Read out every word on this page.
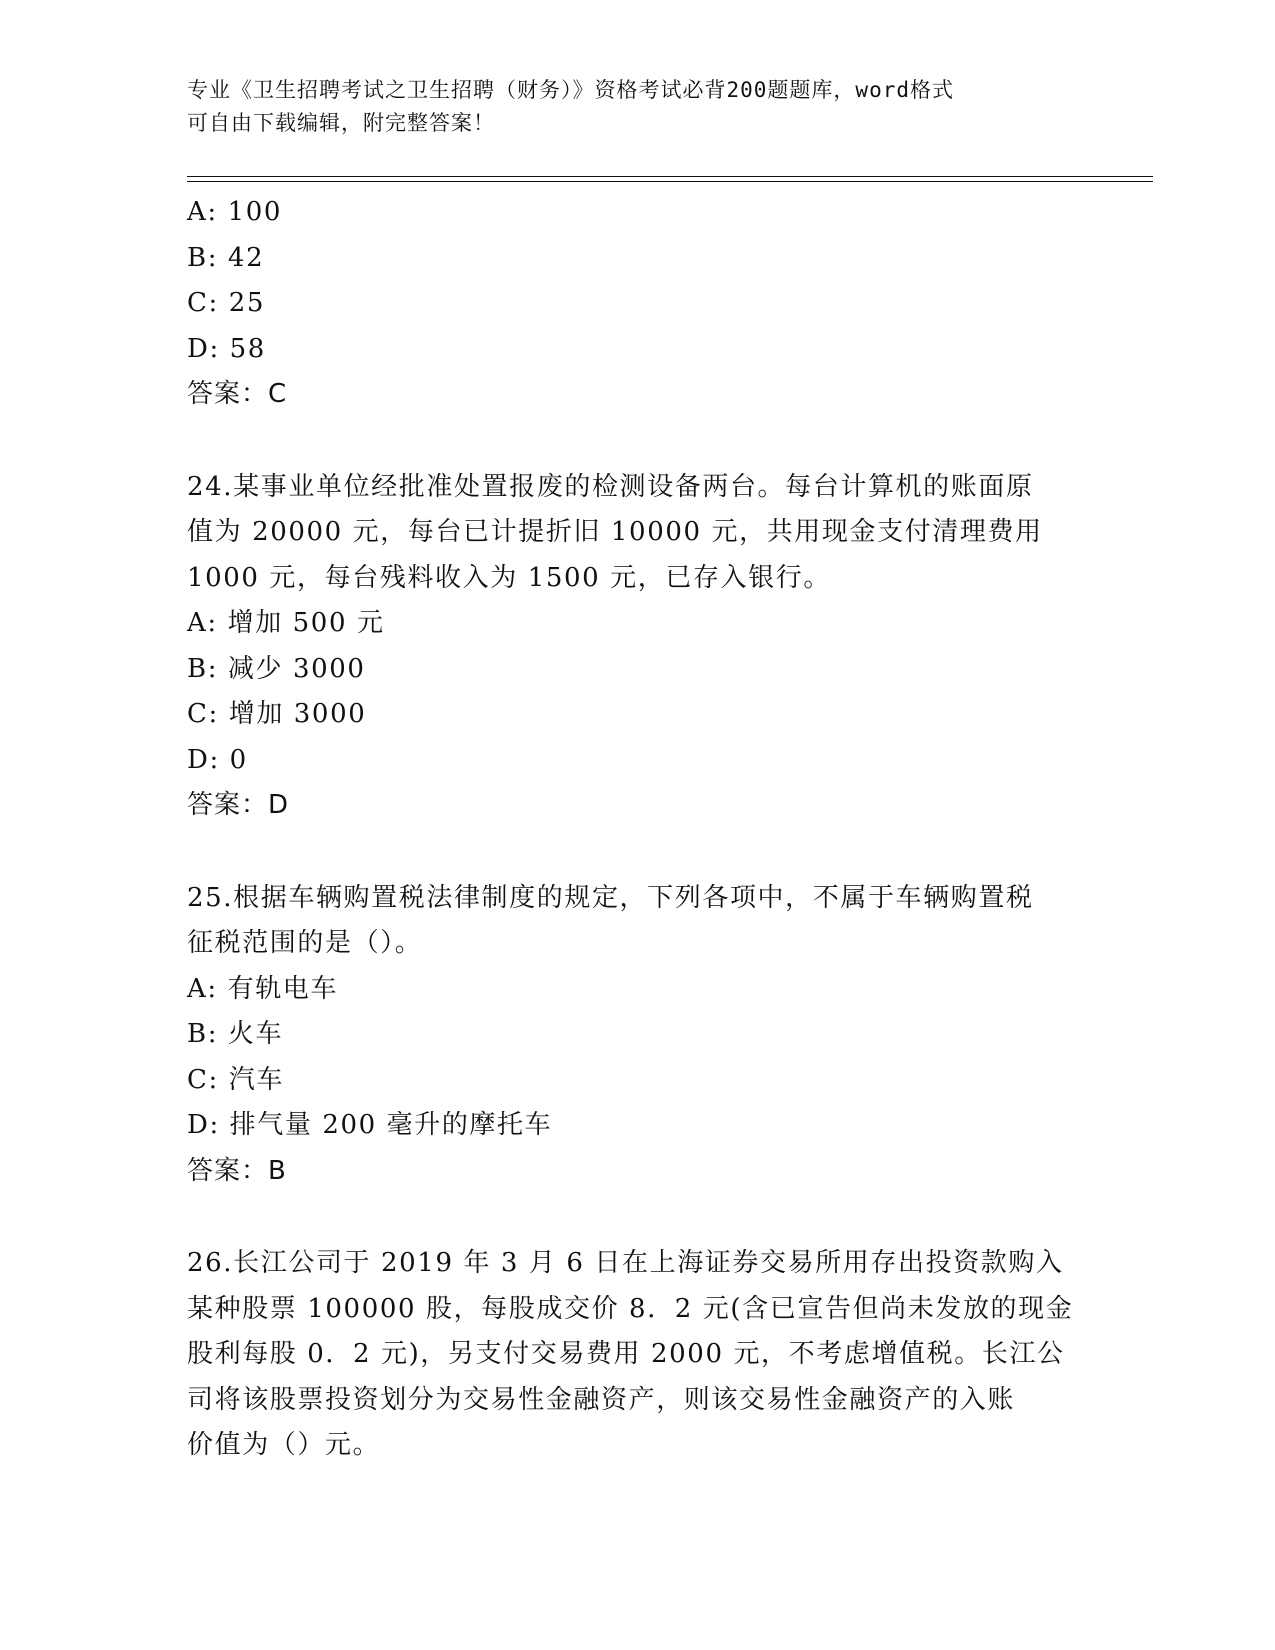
专业《卫生招聘考试之卫生招聘（财务）》资格考试必背200题题库，word格式
可自由下载编辑，附完整答案！
A: 100
B: 42
C: 25
D: 58
答案：C
24.某事业单位经批准处置报废的检测设备两台。每台计算机的账面原
值为 20000 元，每台已计提折旧 10000 元，共用现金支付清理费用
1000 元，每台残料收入为 1500 元，已存入银行。
A: 增加 500 元
B: 减少 3000
C: 增加 3000
D: 0
答案：D
25.根据车辆购置税法律制度的规定，下列各项中，不属于车辆购置税
征税范围的是（）。
A: 有轨电车
B: 火车
C: 汽车
D: 排气量 200 毫升的摩托车
答案：B
26.长江公司于 2019 年 3 月 6 日在上海证券交易所用存出投资款购入
某种股票 100000 股，每股成交价 8．2 元(含已宣告但尚未发放的现金
股利每股 0．2 元)，另支付交易费用 2000 元，不考虑增值税。长江公
司将该股票投资划分为交易性金融资产，则该交易性金融资产的入账
价值为（）元。
